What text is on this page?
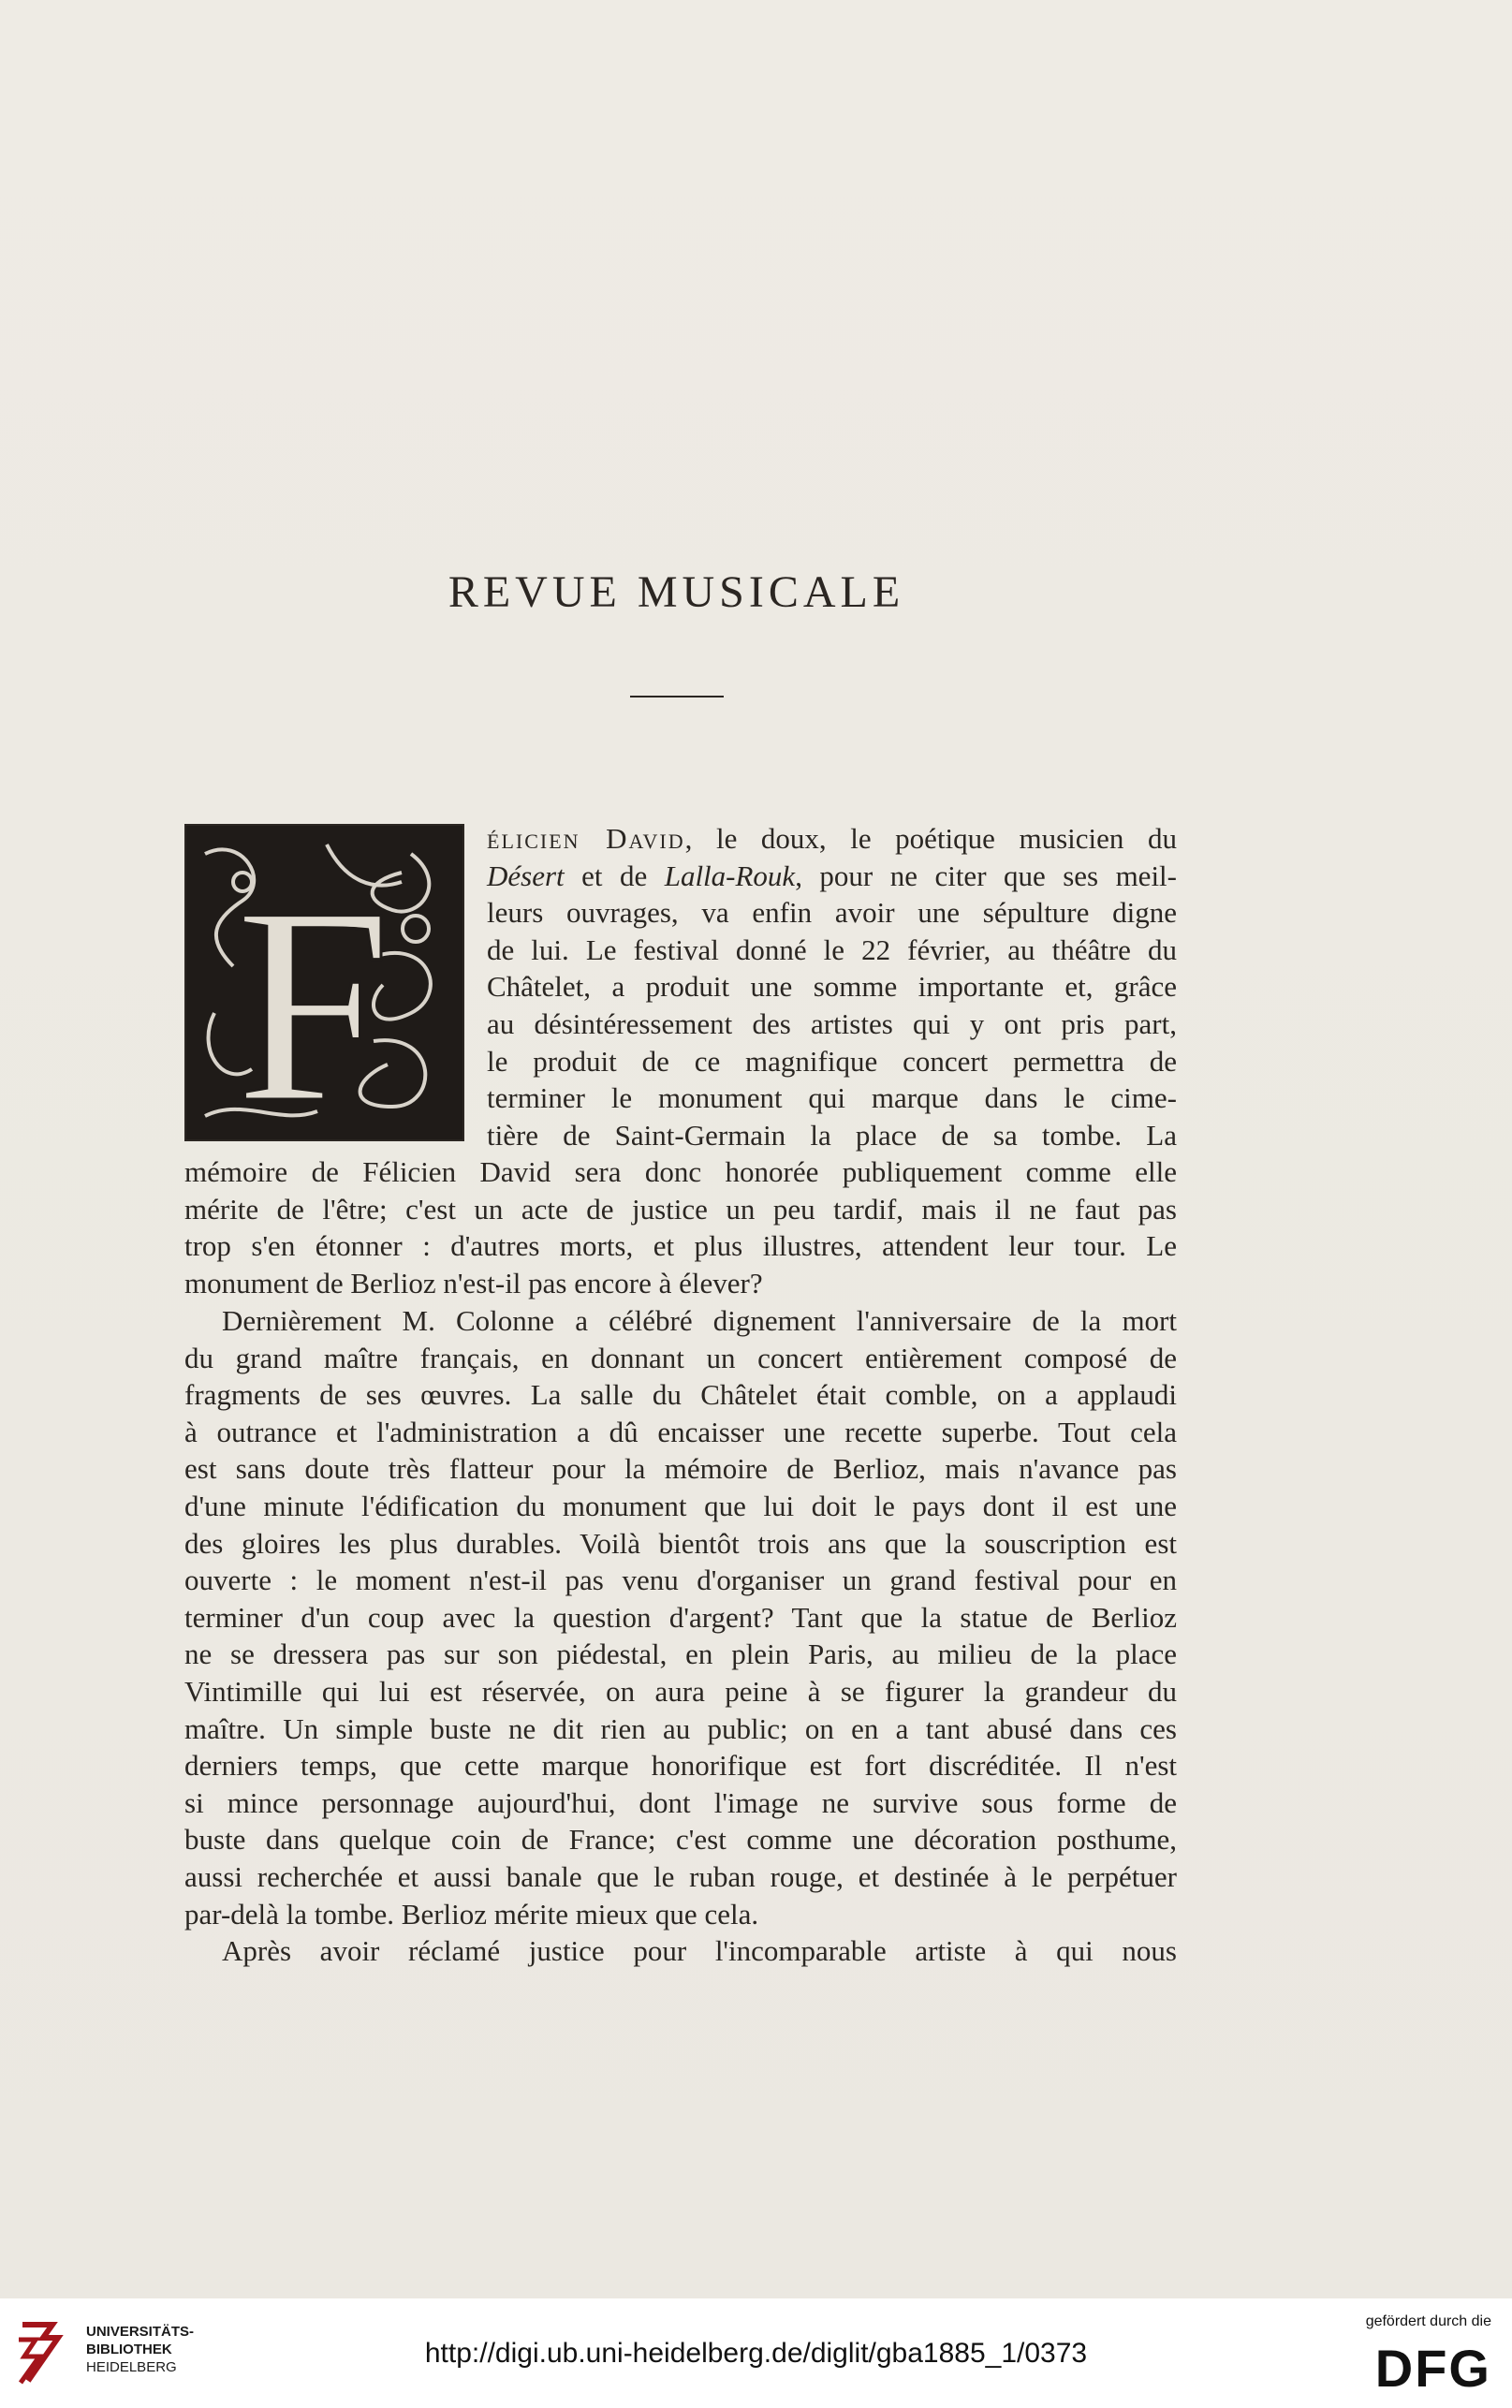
REVUE MUSICALE
F
élicien David, le doux, le poétique musicien du
Désert et de Lalla-Rouk, pour ne citer que ses meil-
leurs ouvrages, va enfin avoir une sépulture digne
de lui. Le festival donné le 22 février, au théâtre du
Châtelet, a produit une somme importante et, grâce
au désintéressement des artistes qui y ont pris part,
le produit de ce magnifique concert permettra de
terminer le monument qui marque dans le cime-
tière de Saint-Germain la place de sa tombe. La
mémoire de Félicien David sera donc honorée publiquement comme elle
mérite de l'être; c'est un acte de justice un peu tardif, mais il ne faut pas
trop s'en étonner : d'autres morts, et plus illustres, attendent leur tour. Le
monument de Berlioz n'est-il pas encore à élever?
Dernièrement M. Colonne a célébré dignement l'anniversaire de la mort
du grand maître français, en donnant un concert entièrement composé de
fragments de ses œuvres. La salle du Châtelet était comble, on a applaudi
à outrance et l'administration a dû encaisser une recette superbe. Tout cela
est sans doute très flatteur pour la mémoire de Berlioz, mais n'avance pas
d'une minute l'édification du monument que lui doit le pays dont il est une
des gloires les plus durables. Voilà bientôt trois ans que la souscription est
ouverte : le moment n'est-il pas venu d'organiser un grand festival pour en
terminer d'un coup avec la question d'argent? Tant que la statue de Berlioz
ne se dressera pas sur son piédestal, en plein Paris, au milieu de la place
Vintimille qui lui est réservée, on aura peine à se figurer la grandeur du
maître. Un simple buste ne dit rien au public; on en a tant abusé dans ces
derniers temps, que cette marque honorifique est fort discréditée. Il n'est
si mince personnage aujourd'hui, dont l'image ne survive sous forme de
buste dans quelque coin de France; c'est comme une décoration posthume,
aussi recherchée et aussi banale que le ruban rouge, et destinée à le perpétuer
par-delà la tombe. Berlioz mérite mieux que cela.
Après avoir réclamé justice pour l'incomparable artiste à qui nous
UNIVERSITÄTS-
BIBLIOTHEK
HEIDELBERG	http://digi.ub.uni-heidelberg.de/diglit/gba1885_1/0373
gefördert durch die
DFG
